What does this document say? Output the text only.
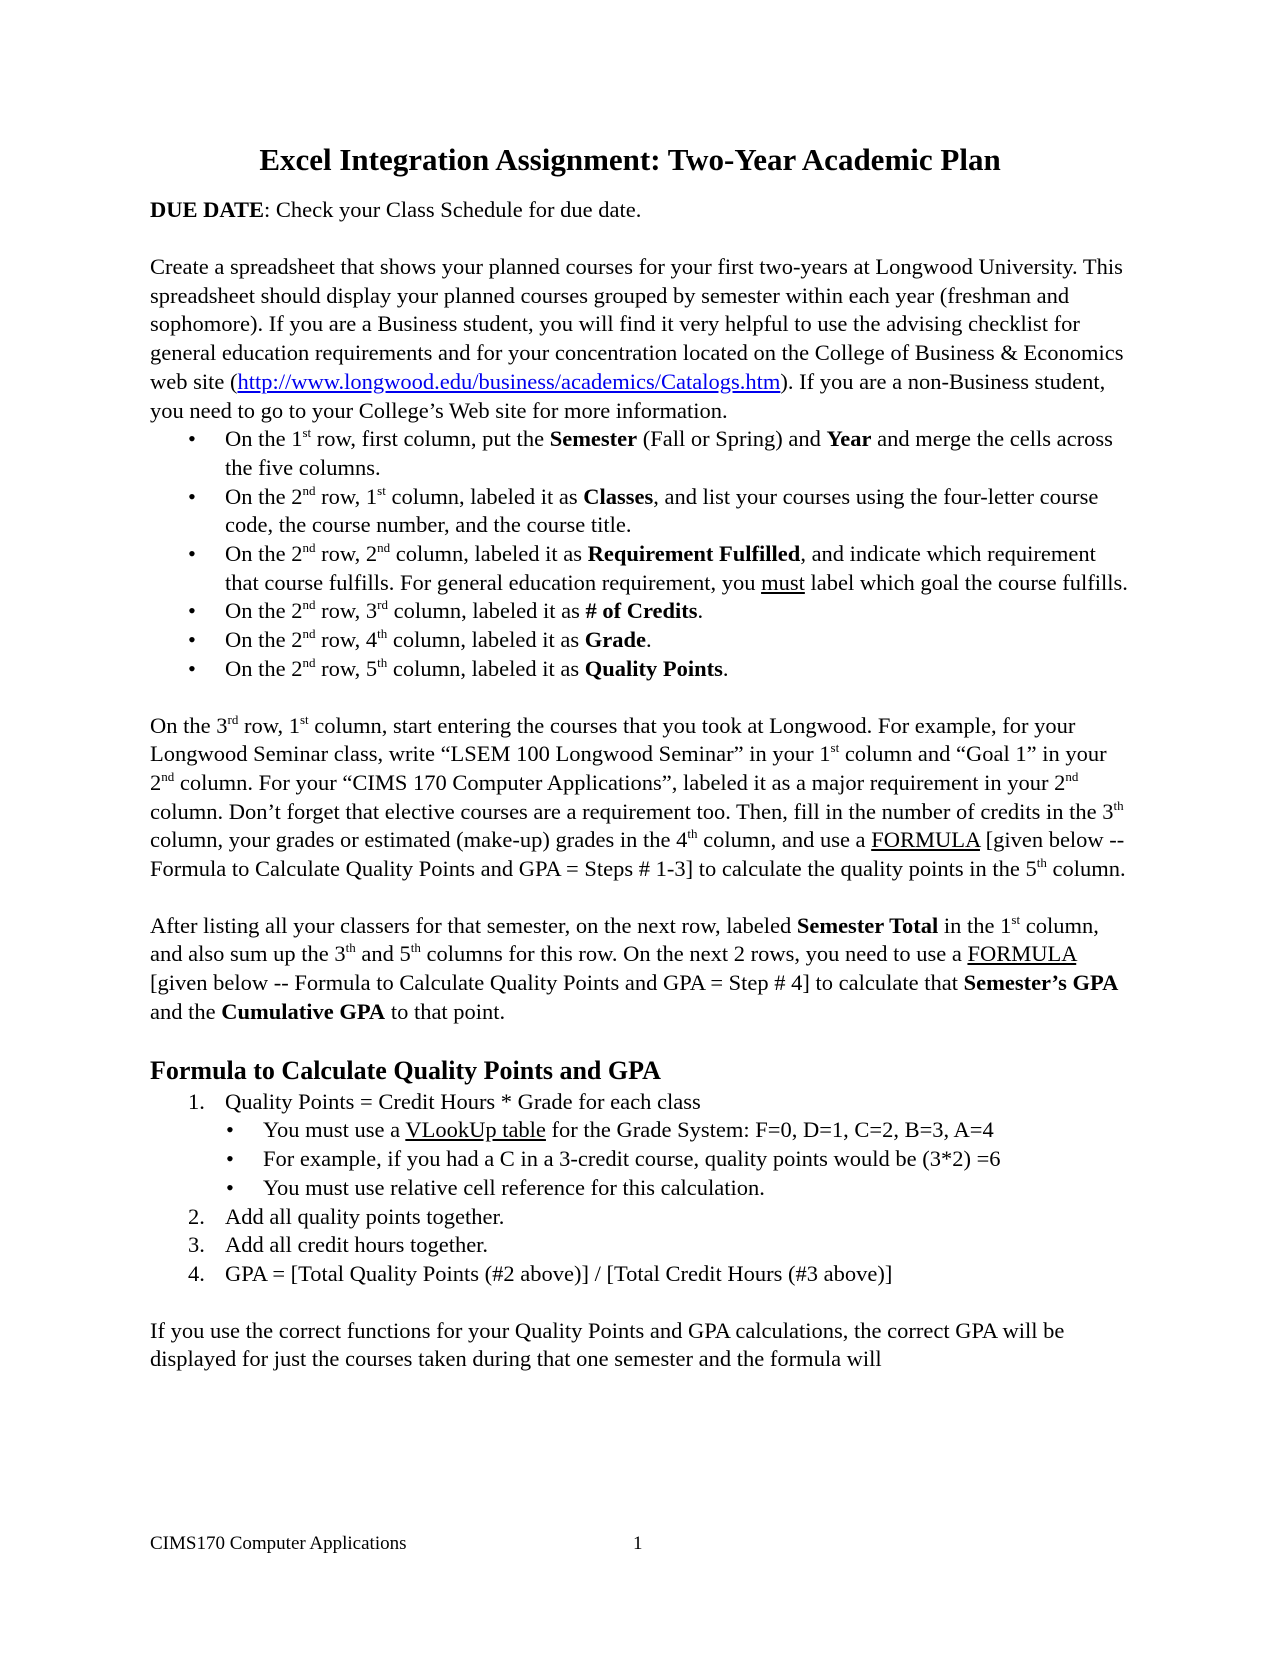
Excel Integration Assignment: Two-Year Academic Plan

DUE DATE: Check your Class Schedule for due date.

Create a spreadsheet that shows your planned courses for your first two-years at Longwood University. This spreadsheet should display your planned courses grouped by semester within each year (freshman and sophomore). If you are a Business student, you will find it very helpful to use the advising checklist for general education requirements and for your concentration located on the College of Business & Economics web site (http://www.longwood.edu/business/academics/Catalogs.htm). If you are a non-Business student, you need to go to your College’s Web site for more information.

• On the 1st row, first column, put the Semester (Fall or Spring) and Year and merge the cells across the five columns.
• On the 2nd row, 1st column, labeled it as Classes, and list your courses using the four-letter course code, the course number, and the course title.
• On the 2nd row, 2nd column, labeled it as Requirement Fulfilled, and indicate which requirement that course fulfills. For general education requirement, you must label which goal the course fulfills.
• On the 2nd row, 3rd column, labeled it as # of Credits.
• On the 2nd row, 4th column, labeled it as Grade.
• On the 2nd row, 5th column, labeled it as Quality Points.

On the 3rd row, 1st column, start entering the courses that you took at Longwood. For example, for your Longwood Seminar class, write “LSEM 100 Longwood Seminar” in your 1st column and “Goal 1” in your 2nd column. For your “CIMS 170 Computer Applications”, labeled it as a major requirement in your 2nd column. Don’t forget that elective courses are a requirement too. Then, fill in the number of credits in the 3th column, your grades or estimated (make-up) grades in the 4th column, and use a FORMULA [given below -- Formula to Calculate Quality Points and GPA = Steps # 1-3] to calculate the quality points in the 5th column.

After listing all your classers for that semester, on the next row, labeled Semester Total in the 1st column, and also sum up the 3th and 5th columns for this row. On the next 2 rows, you need to use a FORMULA [given below -- Formula to Calculate Quality Points and GPA = Step # 4] to calculate that Semester’s GPA and the Cumulative GPA to that point.

Formula to Calculate Quality Points and GPA
1. Quality Points = Credit Hours * Grade for each class
• You must use a VLookUp table for the Grade System: F=0, D=1, C=2, B=3, A=4
• For example, if you had a C in a 3-credit course, quality points would be (3*2) =6
• You must use relative cell reference for this calculation.
2. Add all quality points together.
3. Add all credit hours together.
4. GPA = [Total Quality Points (#2 above)] / [Total Credit Hours (#3 above)]

If you use the correct functions for your Quality Points and GPA calculations, the correct GPA will be displayed for just the courses taken during that one semester and the formula will

CIMS170 Computer Applications	1
